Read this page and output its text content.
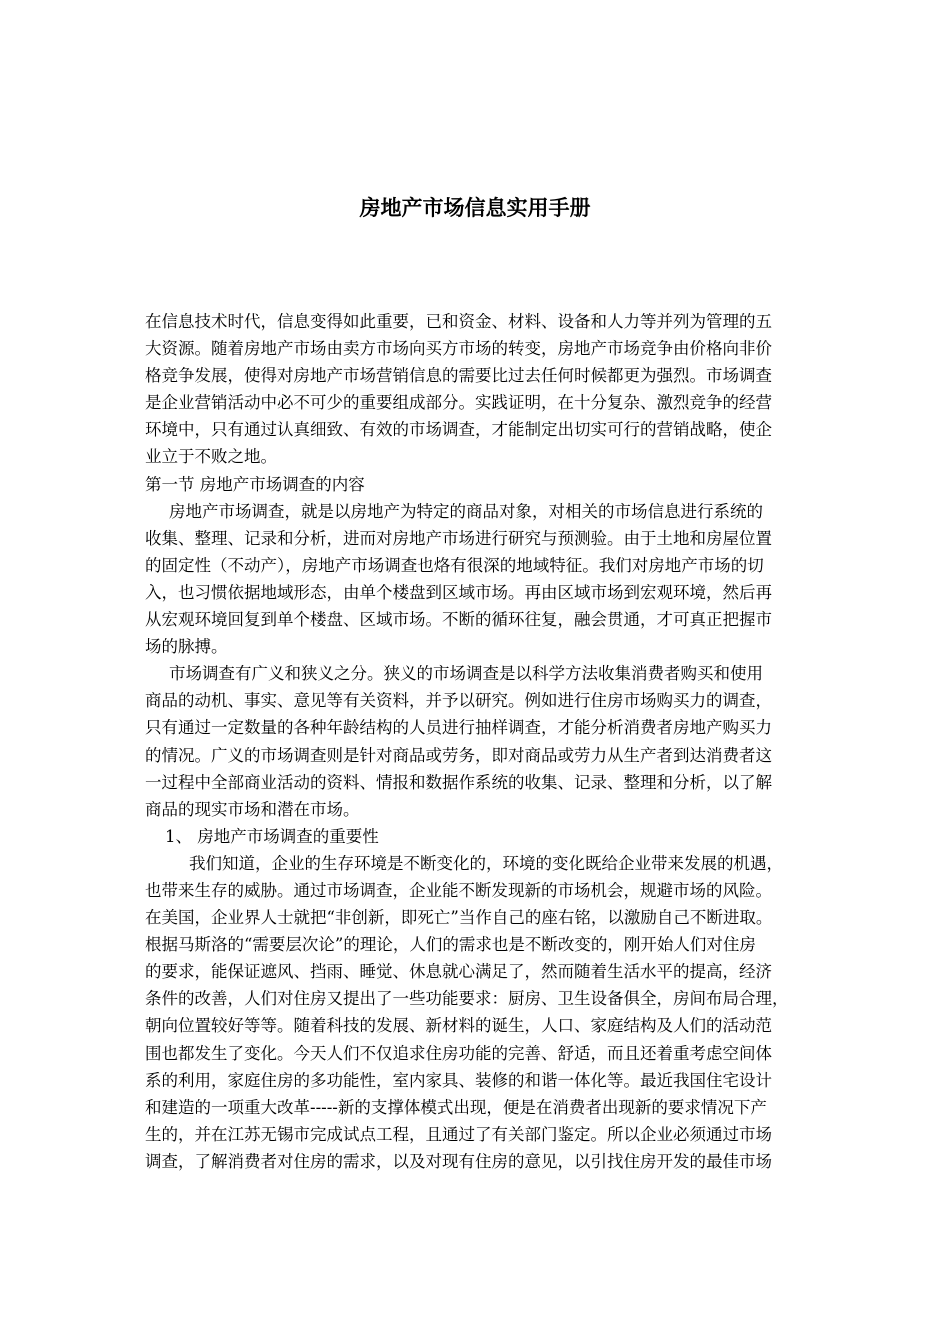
房地产市场信息实用手册
在信息技术时代，信息变得如此重要，已和资金、材料、设备和人力等并列为管理的五
大资源。随着房地产市场由卖方市场向买方市场的转变，房地产市场竞争由价格向非价
格竞争发展，使得对房地产市场营销信息的需要比过去任何时候都更为强烈。市场调查
是企业营销活动中必不可少的重要组成部分。实践证明，在十分复杂、激烈竞争的经营
环境中，只有通过认真细致、有效的市场调查，才能制定出切实可行的营销战略，使企
业立于不败之地。
第一节 房地产市场调查的内容
房地产市场调查，就是以房地产为特定的商品对象，对相关的市场信息进行系统的
收集、整理、记录和分析，进而对房地产市场进行研究与预测验。由于土地和房屋位置
的固定性（不动产），房地产市场调查也烙有很深的地域特征。我们对房地产市场的切
入，也习惯依据地域形态，由单个楼盘到区域市场。再由区域市场到宏观环境，然后再
从宏观环境回复到单个楼盘、区域市场。不断的循环往复，融会贯通，才可真正把握市
场的脉搏。
市场调查有广义和狭义之分。狭义的市场调查是以科学方法收集消费者购买和使用
商品的动机、事实、意见等有关资料，并予以研究。例如进行住房市场购买力的调查，
只有通过一定数量的各种年龄结构的人员进行抽样调查，才能分析消费者房地产购买力
的情况。广义的市场调查则是针对商品或劳务，即对商品或劳力从生产者到达消费者这
一过程中全部商业活动的资料、情报和数据作系统的收集、记录、整理和分析，以了解
商品的现实市场和潜在市场。
1、 房地产市场调查的重要性
我们知道，企业的生存环境是不断变化的，环境的变化既给企业带来发展的机遇，
也带来生存的威胁。通过市场调查，企业能不断发现新的市场机会，规避市场的风险。
在美国，企业界人士就把“非创新，即死亡”当作自己的座右铭，以激励自己不断进取。
根据马斯洛的“需要层次论”的理论，人们的需求也是不断改变的，刚开始人们对住房
的要求，能保证遮风、挡雨、睡觉、休息就心满足了，然而随着生活水平的提高，经济
条件的改善，人们对住房又提出了一些功能要求：厨房、卫生设备俱全，房间布局合理，
朝向位置较好等等。随着科技的发展、新材料的诞生，人口、家庭结构及人们的活动范
围也都发生了变化。今天人们不仅追求住房功能的完善、舒适，而且还着重考虑空间体
系的利用，家庭住房的多功能性，室内家具、装修的和谐一体化等。最近我国住宅设计
和建造的一项重大改革-----新的支撑体模式出现，便是在消费者出现新的要求情况下产
生的，并在江苏无锡市完成试点工程，且通过了有关部门鉴定。所以企业必须通过市场
调查，了解消费者对住房的需求，以及对现有住房的意见，以引找住房开发的最佳市场
